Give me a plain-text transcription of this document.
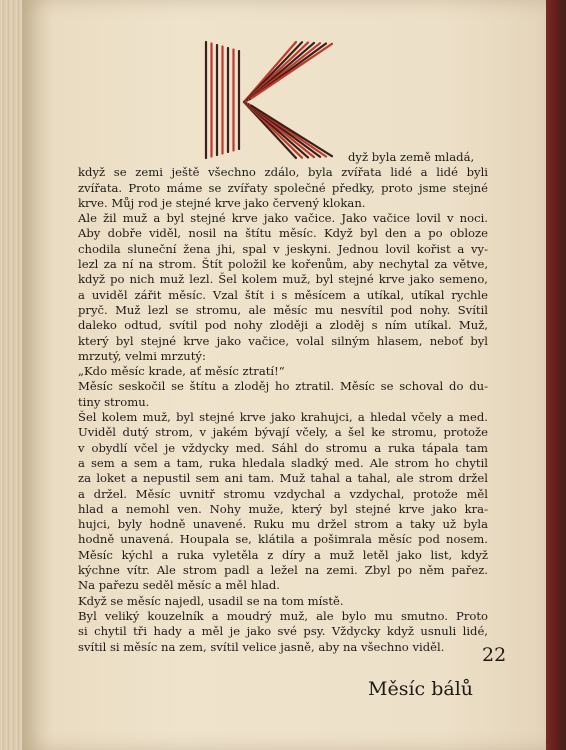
dyž byla země mladá,
když se zemi ještě všechno zdálo, byla zvířata lidé a lidé byli
zvířata. Proto máme se zvířaty společné předky, proto jsme stejné
krve. Můj rod je stejné krve jako červený klokan.
Ale žil muž a byl stejné krve jako vačice. Jako vačice lovil v noci.
Aby dobře viděl, nosil na štítu měsíc. Když byl den a po obloze
chodila sluneční žena jhi, spal v jeskyni. Jednou lovil kořist a vy-
lezl za ní na strom. Štít položil ke kořenům, aby nechytal za větve,
když po nich muž lezl. Šel kolem muž, byl stejné krve jako semeno,
a uviděl zářit měsíc. Vzal štít i s měsícem a utíkal, utíkal rychle
pryč. Muž lezl se stromu, ale měsíc mu nesvítil pod nohy. Svítil
daleko odtud, svítil pod nohy zloději a zloděj s ním utíkal. Muž,
který byl stejné krve jako vačice, volal silným hlasem, neboť byl
mrzutý, velmi mrzutý:
„Kdo měsíc krade, ať měsíc ztratí!“
Měsíc seskočil se štítu a zloděj ho ztratil. Měsíc se schoval do du-
tiny stromu.
Šel kolem muž, byl stejné krve jako krahujci, a hledal včely a med.
Uviděl dutý strom, v jakém bývají včely, a šel ke stromu, protože
v obydlí včel je vždycky med. Sáhl do stromu a ruka tápala tam
a sem a sem a tam, ruka hledala sladký med. Ale strom ho chytil
za loket a nepustil sem ani tam. Muž tahal a tahal, ale strom držel
a držel. Měsíc uvnitř stromu vzdychal a vzdychal, protože měl
hlad a nemohl ven. Nohy muže, který byl stejné krve jako kra-
hujci, byly hodně unavené. Ruku mu držel strom a taky už byla
hodně unavená. Houpala se, klátila a pošimrala měsíc pod nosem.
Měsíc kýchl a ruka vyletěla z díry a muž letěl jako list, když
kýchne vítr. Ale strom padl a ležel na zemi. Zbyl po něm pařez.
Na pařezu seděl měsíc a měl hlad.
Když se měsíc najedl, usadil se na tom místě.
Byl veliký kouzelník a moudrý muž, ale bylo mu smutno. Proto
si chytil tři hady a měl je jako své psy. Vždycky když usnuli lidé,
svítil si měsíc na zem, svítil velice jasně, aby na všechno viděl.	22
Měsíc bálů
